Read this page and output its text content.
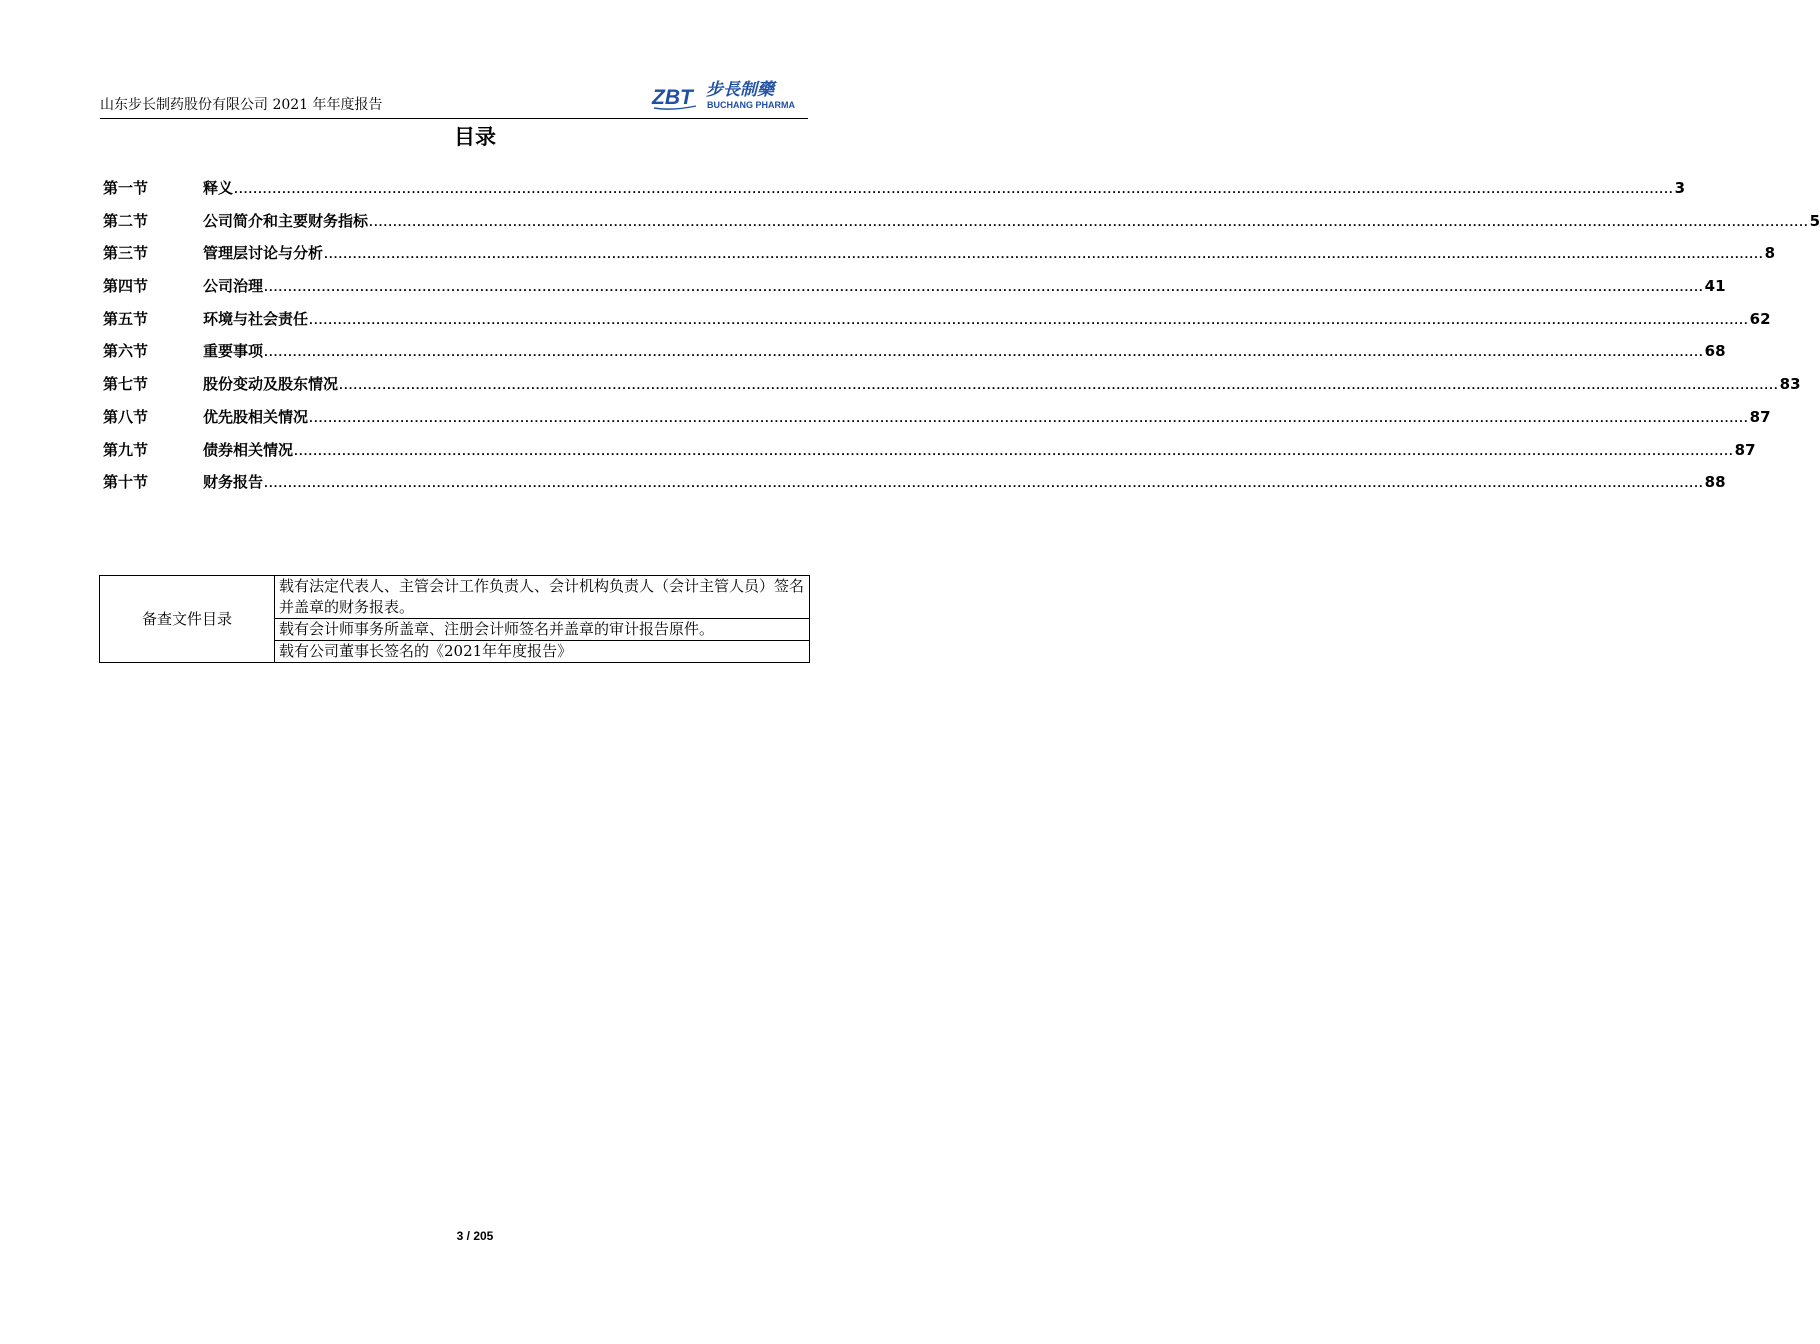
山东步长制药股份有限公司 2021 年年度报告	ZBT 步長制藥
BUCHANG PHARMA
目录
第一节	释义 ............................................................................................................................................................................................................................................................................................................ 3
第二节	公司简介和主要财务指标 ............................................................................................................................................................................................................................................................................................................ 5
第三节	管理层讨论与分析 ............................................................................................................................................................................................................................................................................................................ 8
第四节	公司治理 ............................................................................................................................................................................................................................................................................................................ 41
第五节	环境与社会责任 ............................................................................................................................................................................................................................................................................................................ 62
第六节	重要事项 ............................................................................................................................................................................................................................................................................................................ 68
第七节	股份变动及股东情况 ............................................................................................................................................................................................................................................................................................................ 83
第八节	优先股相关情况 ............................................................................................................................................................................................................................................................................................................ 87
第九节	债券相关情况 ............................................................................................................................................................................................................................................................................................................ 87
第十节	财务报告 ............................................................................................................................................................................................................................................................................................................ 88
备查文件目录	载有法定代表人、主管会计工作负责人、会计机构负责人（会计主管人员）签名并盖章的财务报表。
载有会计师事务所盖章、注册会计师签名并盖章的审计报告原件。
载有公司董事长签名的《2021年年度报告》
3 / 205
